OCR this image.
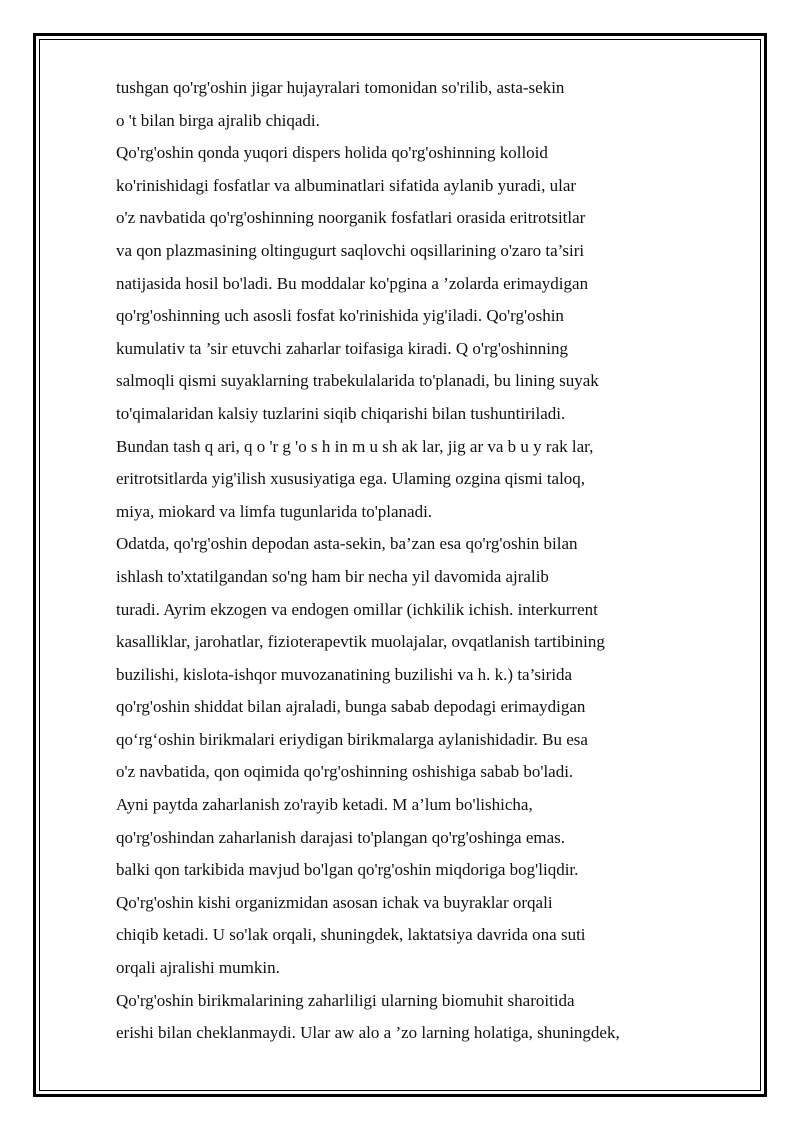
tushgan qo'rg'oshin jigar hujayralari tomonidan so'rilib, asta-sekin
o 't bilan birga ajralib chiqadi.
Qo'rg'oshin qonda yuqori dispers holida qo'rg'oshinning kolloid
ko'rinishidagi fosfatlar va albuminatlari sifatida aylanib yuradi, ular
o'z navbatida qo'rg'oshinning noorganik fosfatlari orasida eritrotsitlar
va qon plazmasining oltingugurt saqlovchi oqsillarining o'zaro ta’siri
natijasida hosil bo'ladi. Bu moddalar ko'pgina a ’zolarda erimaydigan
qo'rg'oshinning uch asosli fosfat ko'rinishida yig'iladi. Qo'rg'oshin
kumulativ ta ’sir etuvchi zaharlar toifasiga kiradi. Q o'rg'oshinning
salmoqli qismi suyaklarning trabekulalarida to'planadi, bu lining suyak
to'qimalaridan kalsiy tuzlarini siqib chiqarishi bilan tushuntiriladi.
Bundan tash q ari, q o 'r g 'o s h in m u sh ak lar, jig ar va b u y rak lar,
eritrotsitlarda yig'ilish xususiyatiga ega. Ulaming ozgina qismi taloq,
miya, miokard va limfa tugunlarida to'planadi.
Odatda, qo'rg'oshin depodan asta-sekin, ba’zan esa qo'rg'oshin bilan
ishlash to'xtatilgandan so'ng ham bir necha yil davomida ajralib
turadi. Ayrim ekzogen va endogen omillar (ichkilik ichish. interkurrent
kasalliklar, jarohatlar, fizioterapevtik muolajalar, ovqatlanish tartibining
buzilishi, kislota-ishqor muvozanatining buzilishi va h. k.) ta’sirida
qo'rg'oshin shiddat bilan ajraladi, bunga sabab depodagi erimaydigan
qo‘rg‘oshin birikmalari eriydigan birikmalarga aylanishidadir. Bu esa
o'z navbatida, qon oqimida qo'rg'oshinning oshishiga sabab bo'ladi.
Ayni paytda zaharlanish zo'rayib ketadi. M a’lum bo'lishicha,
qo'rg'oshindan zaharlanish darajasi to'plangan qo'rg'oshinga emas.
balki qon tarkibida mavjud bo'lgan qo'rg'oshin miqdoriga bog'liqdir.
Qo'rg'oshin kishi organizmidan asosan ichak va buyraklar orqali
chiqib ketadi. U so'lak orqali, shuningdek, laktatsiya davrida ona suti
orqali ajralishi mumkin.
Qo'rg'oshin birikmalarining zaharliligi ularning biomuhit sharoitida
erishi bilan cheklanmaydi. Ular aw alo a ’zo larning holatiga, shuningdek,
